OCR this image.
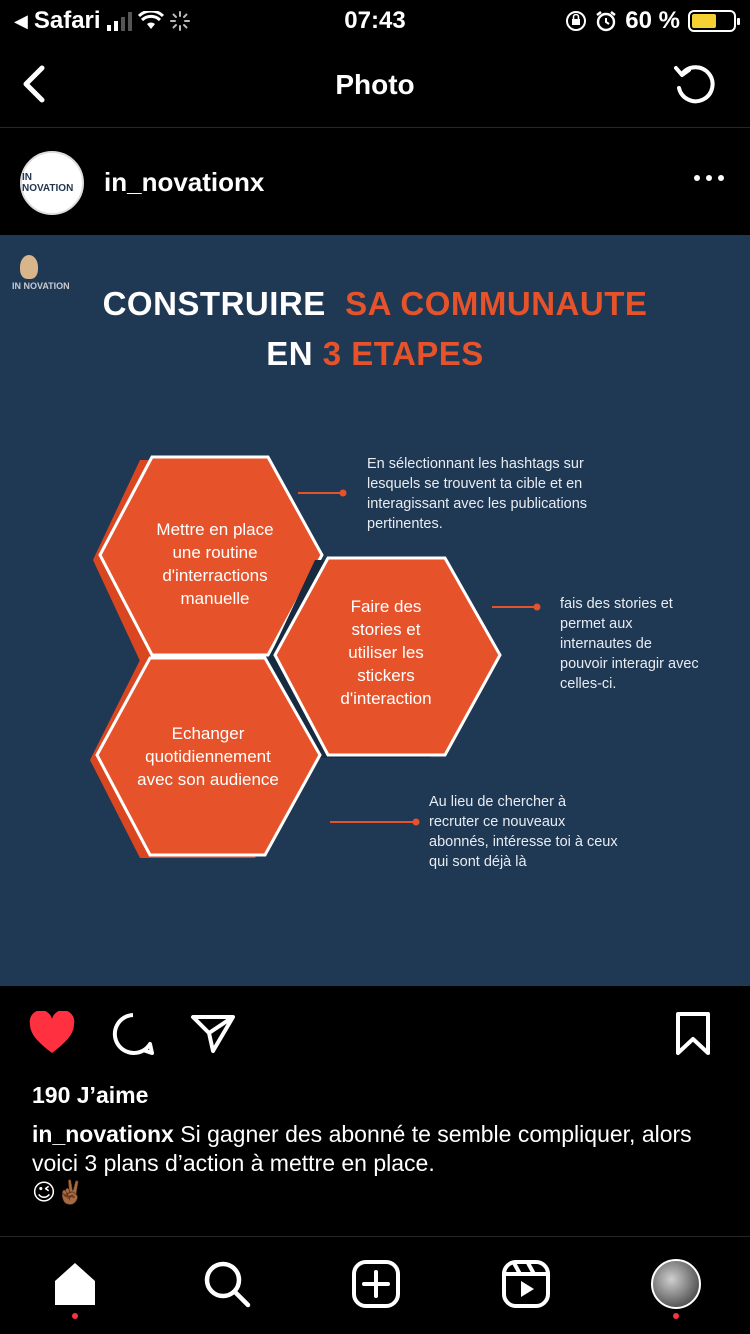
◀ Safari	07:43	60 %
Photo
IN NOVATION	in_novationx
IN NOVATION CONSTRUIRE SA COMMUNAUTE
EN 3 ETAPES
Mettre en place une routine d'interractions manuelle	Faire des stories et utiliser les stickers d'interaction
Echanger quotidiennement avec son audience
En sélectionnant les hashtags sur lesquels se trouvent ta cible et en interagissant avec les publications pertinentes.
fais des stories et permet aux internautes de pouvoir interagir avec celles-ci.
Au lieu de chercher à recruter ce nouveaux abonnés, intéresse toi à ceux qui sont déjà là
190 J’aime
in_novationx Si gagner des abonné te semble compliquer, alors voici 3 plans d’action à mettre en place.
😉✌🏾
